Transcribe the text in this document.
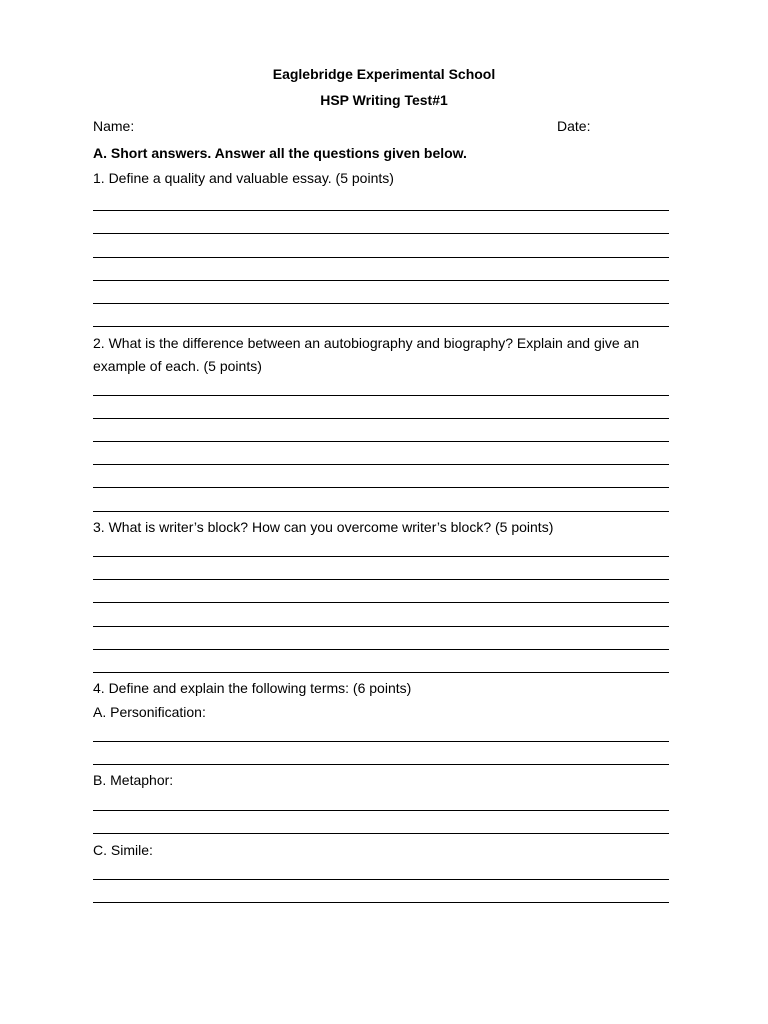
Eaglebridge Experimental School
HSP Writing Test#1
Name:	Date:
A. Short answers. Answer all the questions given below.
1. Define a quality and valuable essay. (5 points)
2. What is the difference between an autobiography and biography? Explain and give an
example of each. (5 points)
3. What is writer’s block? How can you overcome writer’s block? (5 points)
4. Define and explain the following terms: (6 points)
A. Personification:
B. Metaphor:
C. Simile:
